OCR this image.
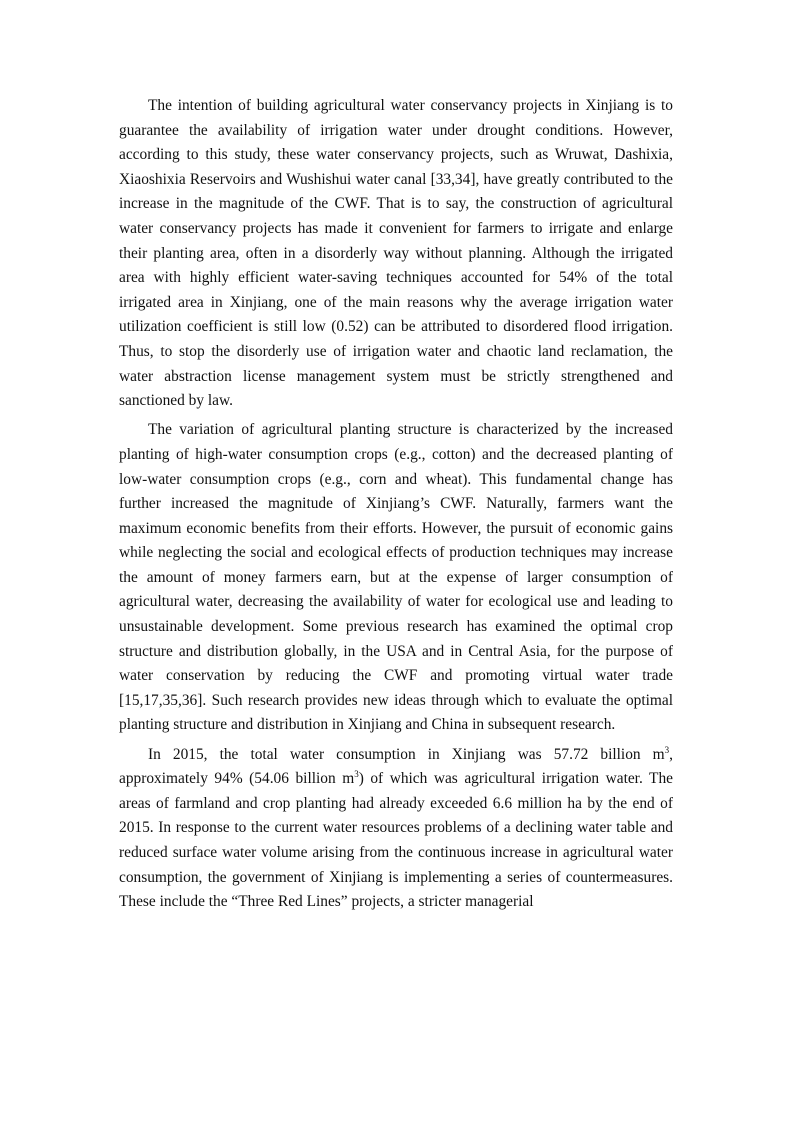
The intention of building agricultural water conservancy projects in Xinjiang is to guarantee the availability of irrigation water under drought conditions. However, according to this study, these water conservancy projects, such as Wruwat, Dashixia, Xiaoshixia Reservoirs and Wushishui water canal [33,34], have greatly contributed to the increase in the magnitude of the CWF. That is to say, the construction of agricultural water conservancy projects has made it convenient for farmers to irrigate and enlarge their planting area, often in a disorderly way without planning. Although the irrigated area with highly efficient water-saving techniques accounted for 54% of the total irrigated area in Xinjiang, one of the main reasons why the average irrigation water utilization coefficient is still low (0.52) can be attributed to disordered flood irrigation. Thus, to stop the disorderly use of irrigation water and chaotic land reclamation, the water abstraction license management system must be strictly strengthened and sanctioned by law.

The variation of agricultural planting structure is characterized by the increased planting of high-water consumption crops (e.g., cotton) and the decreased planting of low-water consumption crops (e.g., corn and wheat). This fundamental change has further increased the magnitude of Xinjiang’s CWF. Naturally, farmers want the maximum economic benefits from their efforts. However, the pursuit of economic gains while neglecting the social and ecological effects of production techniques may increase the amount of money farmers earn, but at the expense of larger consumption of agricultural water, decreasing the availability of water for ecological use and leading to unsustainable development. Some previous research has examined the optimal crop structure and distribution globally, in the USA and in Central Asia, for the purpose of water conservation by reducing the CWF and promoting virtual water trade [15,17,35,36]. Such research provides new ideas through which to evaluate the optimal planting structure and distribution in Xinjiang and China in subsequent research.

In 2015, the total water consumption in Xinjiang was 57.72 billion $m^3$, approximately 94% (54.06 billion $m^3$) of which was agricultural irrigation water. The areas of farmland and crop planting had already exceeded 6.6 million ha by the end of 2015. In response to the current water resources problems of a declining water table and reduced surface water volume arising from the continuous increase in agricultural water consumption, the government of Xinjiang is implementing a series of countermeasures. These include the “Three Red Lines” projects, a stricter managerial
